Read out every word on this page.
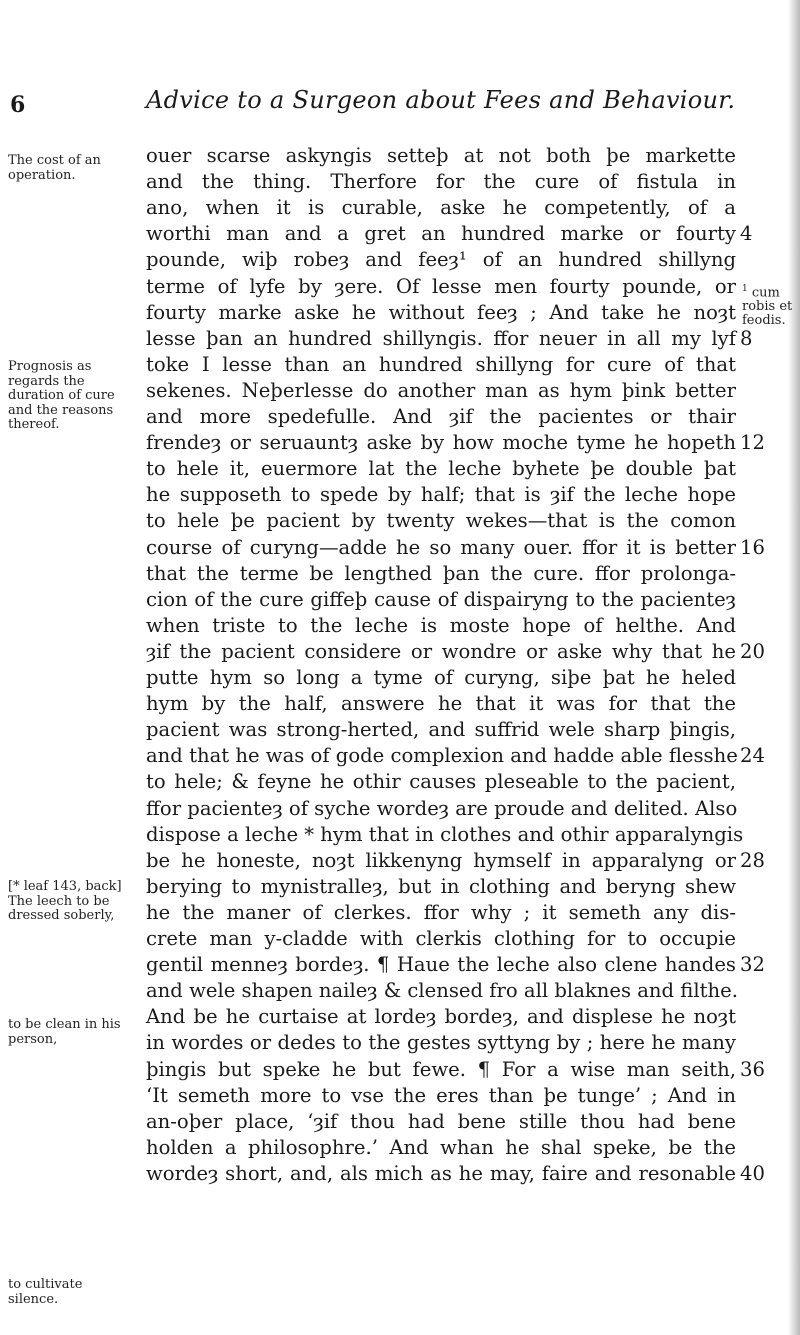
6	Advice to a Surgeon about Fees and Behaviour.
ouer scarse askyngis setteþ at not both þe markette
and the thing. Therfore for the cure of fistula in
ano, when it is curable, aske he competently, of a
worthi man and a gret an hundred marke or fourty 4
pounde, wiþ robeȝ and feeȝ¹ of an hundred shillyng
terme of lyfe by ȝere. Of lesse men fourty pounde, or
fourty marke aske he without feeȝ ; And take he noȝt
lesse þan an hundred shillyngis. ffor neuer in all my lyf 8
toke I lesse than an hundred shillyng for cure of that
sekenes. Neþerlesse do another man as hym þink better
and more spedefulle. And ȝif the pacientes or thair
frendeȝ or seruauntȝ aske by how moche tyme he hopeth 12
to hele it, euermore lat the leche byhete þe double þat
he supposeth to spede by half; that is ȝif the leche hope
to hele þe pacient by twenty wekes—that is the comon
course of curyng—adde he so many ouer. ffor it is better 16
that the terme be lengthed þan the cure. ffor prolonga-
cion of the cure giffeþ cause of dispairyng to the pacienteȝ
when triste to the leche is moste hope of helthe. And
ȝif the pacient considere or wondre or aske why that he 20
putte hym so long a tyme of curyng, siþe þat he heled
hym by the half, answere he that it was for that the
pacient was strong-herted, and suffrid wele sharp þingis,
and that he was of gode complexion and hadde able flesshe 24
to hele; & feyne he othir causes pleseable to the pacient,
ffor pacienteȝ of syche wordeȝ are proude and delited. Also
dispose a leche * hym that in clothes and othir apparalyngis
be he honeste, noȝt likkenyng hymself in apparalyng or 28
berying to mynistralleȝ, but in clothing and beryng shew
he the maner of clerkes. ffor why ; it semeth any dis-
crete man y-cladde with clerkis clothing for to occupie
gentil menneȝ bordeȝ. ¶ Haue the leche also clene handes 32
and wele shapen naileȝ & clensed fro all blaknes and filthe.
And be he curtaise at lordeȝ bordeȝ, and displese he noȝt
in wordes or dedes to the gestes syttyng by ; here he many
þingis but speke he but fewe. ¶ For a wise man seith, 36
‘It semeth more to vse the eres than þe tunge’ ; And in
an-oþer place, ‘ȝif thou had bene stille thou had bene
holden a philosophre.’ And whan he shal speke, be the
wordeȝ short, and, als mich as he may, faire and resonable 40
The cost of an operation.
Prognosis as regards the duration of cure and the reasons thereof.
[* leaf 143, back] The leech to be dressed soberly,
to be clean in his person,
to cultivate silence.
$^1$ cum robis et feodis.
